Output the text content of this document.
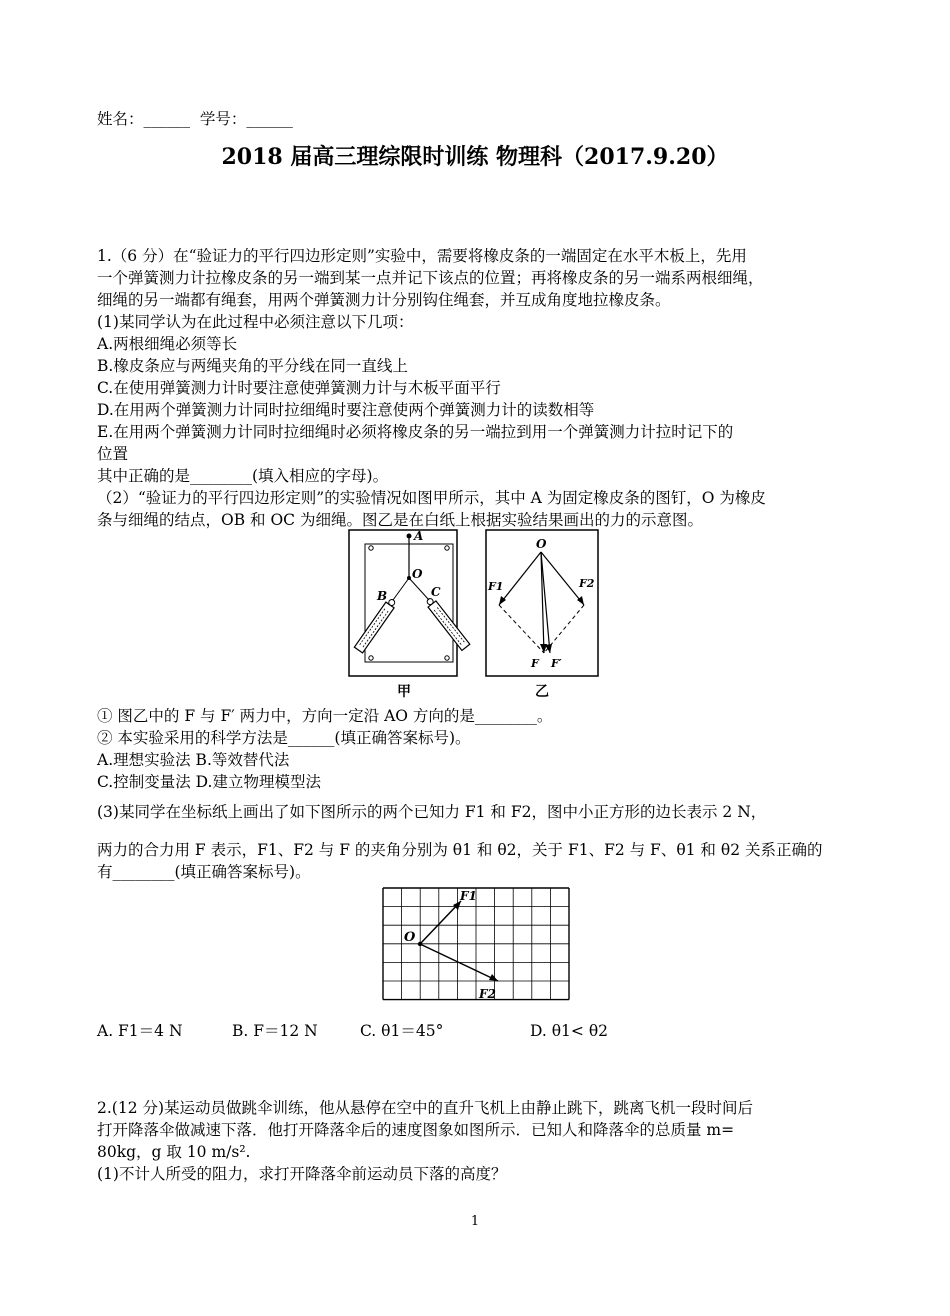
姓名：______ 学号：______
2018 届高三理综限时训练 物理科（2017.9.20）
1.（6 分）在“验证力的平行四边形定则”实验中，需要将橡皮条的一端固定在水平木板上，先用
一个弹簧测力计拉橡皮条的另一端到某一点并记下该点的位置；再将橡皮条的另一端系两根细绳，
细绳的另一端都有绳套，用两个弹簧测力计分别钩住绳套，并互成角度地拉橡皮条。
(1)某同学认为在此过程中必须注意以下几项：
A.两根细绳必须等长
B.橡皮条应与两绳夹角的平分线在同一直线上
C.在使用弹簧测力计时要注意使弹簧测力计与木板平面平行
D.在用两个弹簧测力计同时拉细绳时要注意使两个弹簧测力计的读数相等
E.在用两个弹簧测力计同时拉细绳时必须将橡皮条的另一端拉到用一个弹簧测力计拉时记下的
位置
其中正确的是________(填入相应的字母)。
（2）“验证力的平行四边形定则”的实验情况如图甲所示，其中 A 为固定橡皮条的图钉，O 为橡皮
条与细绳的结点，OB 和 OC 为细绳。图乙是在白纸上根据实验结果画出的力的示意图。
A
O
B	C
甲
O
F1	F2
F F′
乙
① 图乙中的 F 与 F′ 两力中，方向一定沿 AO 方向的是________。
② 本实验采用的科学方法是______(填正确答案标号)。
A.理想实验法 B.等效替代法
C.控制变量法 D.建立物理模型法
(3)某同学在坐标纸上画出了如下图所示的两个已知力 F1 和 F2，图中小正方形的边长表示 2 N，
两力的合力用 F 表示，F1、F2 与 F 的夹角分别为 θ1 和 θ2，关于 F1、F2 与 F、θ1 和 θ2 关系正确的
有________(填正确答案标号)。
O
F1
F2
A. F1＝4 N	B. F＝12 N	C. θ1＝45°	D. θ1< θ2
2.(12 分)某运动员做跳伞训练，他从悬停在空中的直升飞机上由静止跳下，跳离飞机一段时间后
打开降落伞做减速下落．他打开降落伞后的速度图象如图所示．已知人和降落伞的总质量 m=
80kg，g 取 10 m/s².
(1)不计人所受的阻力，求打开降落伞前运动员下落的高度？
1
